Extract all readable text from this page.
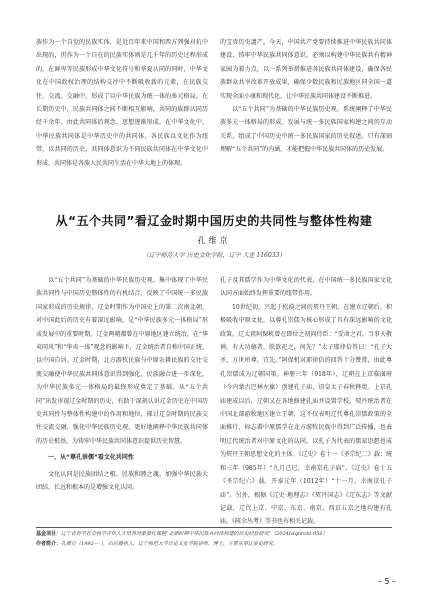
族作为一个自觉的民族实体，是近百年来中国和西方列强对抗中出现的，但作为一个自在的民族实体则是几千年的历史过程形成的。在鲜卑等民族形成中华文化符号和华夏认同的同时，中华文化在中国政权治理的结构交往中不断吸收新的元素，在民族交往、交流、交融中，形成了以中华民族为统一体的多元格局。在长期历史中，民族共同体之间不断相互影响，共同的族群认同历经千余年，由此共同体的观念、思想逐渐形成。在中华文化中，中华民族共同体是中华历史中的共同体，各民族以文化作为纽带，以共同的历史，共同体意识为不同民族共同体在中华文化中形成，共同体是各族人民共同生活在中华大地上的体现。

的宝贵历史遗产。今天，中国共产党要持续推进中华民族共同体建设，铸牢中华民族共同体意识，必须以构建中华民族共有精神家园为着力点，以一系列举措推进各民族共同体建设，确保各民族群众共享改革开放成果，确保少数民族和民族地区同全国一道实现全面小康和现代化，让中华民族共同体建设不断推进。

以“五个共同”为基础的中华民族历史观，系统阐释了中华民族多元一体格局的形成、发展与统一多民族国家构建之间的互动关系，组成了中国历史中统一多民族国家的历史叙述。只有深刻理解“五个共同”的内涵，才能把握中华民族共同体的历史发展。

从“五个共同”看辽金时期中国历史的共同性与整体性构建
孔维京
（辽宁师范大学 历史文化学院，辽宁 大连 116033）

以“五个共同”为基础的中华民族历史观，集中体现了中华民族共同性与中国历史整体性的有机结合，反映了中国统一多民族国家形成的历史规律。辽金时期作为中国史上的第二次南北朝，对中国此后的历史有着深远影响，是“中华民族多元一体格局”形成发展中的重要时期。辽金两朝都曾在中原地区建立统治，在“华夷同风”和“华夷一体”观念的影响下，辽金统治者自称中国正统，以中国自居。辽金时期，北方游牧民族与中原农耕民族的交往交流交融使中华民族共同体意识得到强化，民族融合进一步深化，为中华民族多元一体格局的最终形成奠定了基础。从“五个共同”出发审视辽金时期的历史，有助于深刻认识辽金历史在中国历史共同性与整体性构建中的作用和地位，探讨辽金时期的民族交往交流交融，强化中华民族历史观，更好地阐释中华民族共同体的历史根基，为铸牢中华民族共同体意识提供历史智慧。

一、从“尊孔崇儒”看文化共同性

文化认同是民族团结之根、民族和睦之魂。加强中华民族大团结，长远和根本的是增强文化认同。

孔子及其儒学作为中华文化的代表，在中国统一多民族国家文化认同方面始终发挥重要的纽带作用。

10世纪初，兴起于松漠之间的契丹王朝，在建立辽朝后，积极吸收中原文化，以尊孔崇儒为核心形成了具有深远影响的文化政策。辽太祖阿保机曾在即位之初问侍臣：“受命之君，当事天敬神。有大功德者，朕欲祀之，何先？”太子耶律倍答曰：“孔子大圣，万世所尊，宜先。”阿保机对耶律倍的回答十分赞赏，由此尊孔崇儒成为辽朝国策。神册三年（918年），辽朝在上京临潢府（今内蒙古巴林左旗）创建孔子庙，诏皇太子春秋释奠。上京孔庙建成以后，辽朝又在各地修建孔庙并设置学校。契丹统治者在中国北部游牧地区建立王朝，这不仅表明辽代尊孔崇儒政策的全面推行，标志着中原儒学在北方游牧民族中得到广泛传播，也表明辽代统治者对中原文化的认同。以孔子为代表的儒家思想也成为契丹王朝思想文化的主体。《辽史》卷十一《圣宗纪二》载：统和三年（985年）“九月己巳，幸南京孔子庙”。《辽史》卷十五《圣宗纪六》载，开泰元年（1012年）“十一月，幸南京孔子庙”。另外，根据《辽史·地理志》《契丹国志》《辽东志》等文献记载，辽代上京、中京、东京、南京、西京五京之地均建有孔庙，《陔余丛考》等书也有相关记载。

基金项目：辽宁省哲学社会科学青年人才培养对象委托课题“北朝时期中华民族共同体构建的历史经验研究”（2024lslqnrckt-056）
作者简介：孔维京（1992— ），山东滕州人，辽宁师范大学历史文化学院讲师，博士，主要从事辽金史研究。
– 5 –
